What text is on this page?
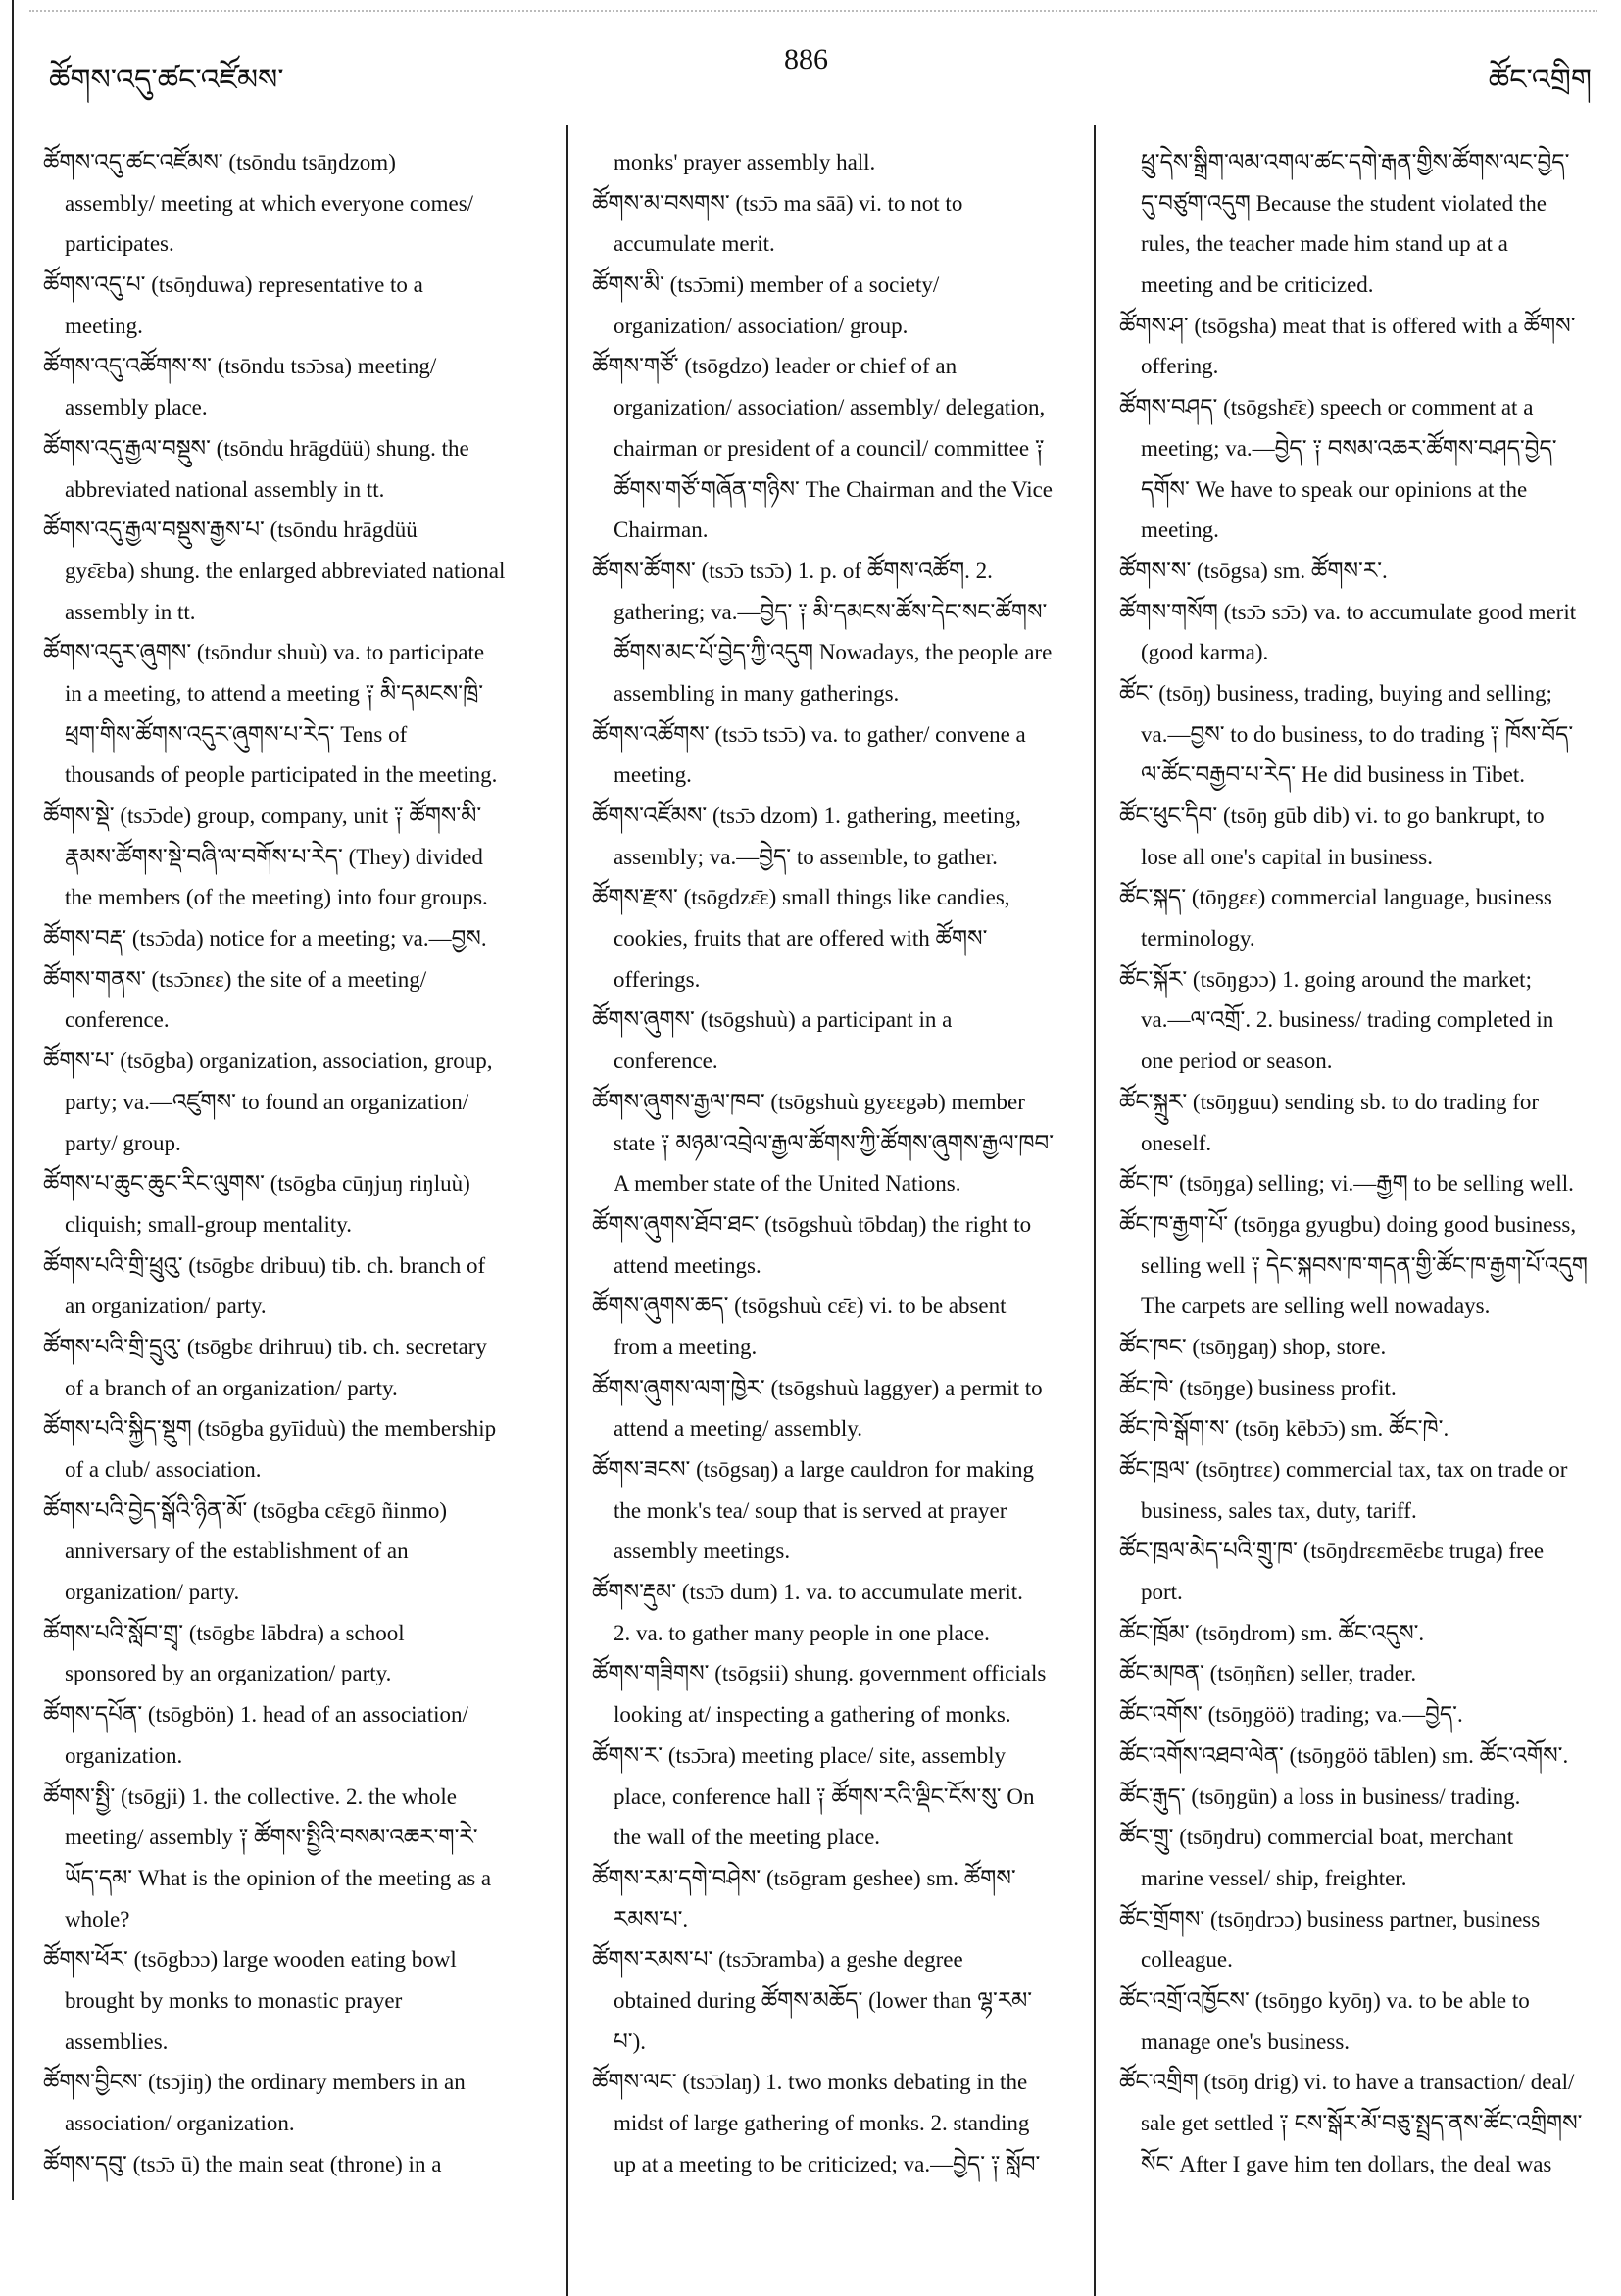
ཚོགས་འདུ་ཚང་འཛོམས་
886
ཚོང་འགྲིག
ཚོགས་འདུ་ཚང་འཛོམས་ (tsōndu tsāŋdzom)
assembly/ meeting at which everyone comes/
participates.
ཚོགས་འདུ་པ་ (tsōŋduwa) representative to a
meeting.
ཚོགས་འདུ་འཚོགས་ས་ (tsōndu tsɔ̄ɔsa) meeting/
assembly place.
ཚོགས་འདུ་རྒྱལ་བསྡུས་ (tsōndu hrāgdüü) shung. the
abbreviated national assembly in tt.
ཚོགས་འདུ་རྒྱལ་བསྡུས་རྒྱས་པ་ (tsōndu hrāgdüü
gyɛ̄ɛba) shung. the enlarged abbreviated national
assembly in tt.
ཚོགས་འདུར་ཞུགས་ (tsōndur shuù) va. to participate
in a meeting, to attend a meeting ༑ མི་དམངས་ཁྲི་
ཕྲག་གིས་ཚོགས་འདུར་ཞུགས་པ་རེད་ Tens of
thousands of people participated in the meeting.
ཚོགས་སྡེ་ (tsɔ̄ɔde) group, company, unit ༑ ཚོགས་མི་
རྣམས་ཚོགས་སྡེ་བཞི་ལ་བགོས་པ་རེད་ (They) divided
the members (of the meeting) into four groups.
ཚོགས་བརྡ་ (tsɔ̄ɔda) notice for a meeting; va.—བྱས.
ཚོགས་གནས་ (tsɔ̄ɔnɛɛ) the site of a meeting/
conference.
ཚོགས་པ་ (tsōgba) organization, association, group,
party; va.—འཛུགས་ to found an organization/
party/ group.
ཚོགས་པ་ཆུང་ཆུང་རིང་ལུགས་ (tsōgba cūŋjuŋ riŋluù)
cliquish; small-group mentality.
ཚོགས་པའི་གྲི་ཕྲུའུ་ (tsōgbɛ dribuu) tib. ch. branch of
an organization/ party.
ཚོགས་པའི་གྲི་དྲུའུ་ (tsōgbɛ drihruu) tib. ch. secretary
of a branch of an organization/ party.
ཚོགས་པའི་སྐྱིད་སྡུག (tsōgba gyīiduù) the membership
of a club/ association.
ཚོགས་པའི་བྱེད་སྒོའི་ཉིན་མོ་ (tsōgba cɛ̄ɛgō ñinmo)
anniversary of the establishment of an
organization/ party.
ཚོགས་པའི་སློབ་གྲྭ་ (tsōgbɛ lābdra) a school
sponsored by an organization/ party.
ཚོགས་དཔོན་ (tsōgbön) 1. head of an association/
organization.
ཚོགས་སྤྱི་ (tsōgji) 1. the collective. 2. the whole
meeting/ assembly ༑ ཚོགས་སྤྱིའི་བསམ་འཆར་ག་རེ་
ཡོད་དམ་ What is the opinion of the meeting as a
whole?
ཚོགས་ཕོར་ (tsōgbɔɔ) large wooden eating bowl
brought by monks to monastic prayer
assemblies.
ཚོགས་བྱིངས་ (tsɔ̄jiŋ) the ordinary members in an
association/ organization.
ཚོགས་དབུ་ (tsɔ̄ɔ ū) the main seat (throne) in a
monks' prayer assembly hall.
ཚོགས་མ་བསགས་ (tsɔ̄ɔ ma sāā) vi. to not to
accumulate merit.
ཚོགས་མི་ (tsɔ̄ɔmi) member of a society/
organization/ association/ group.
ཚོགས་གཙོ་ (tsōgdzo) leader or chief of an
organization/ association/ assembly/ delegation,
chairman or president of a council/ committee ༑
ཚོགས་གཙོ་གཞོན་གཉིས་ The Chairman and the Vice
Chairman.
ཚོགས་ཚོགས་ (tsɔ̄ɔ tsɔ̄ɔ) 1. p. of ཚོགས་འཚོག. 2.
gathering; va.—བྱེད་ ༑ མི་དམངས་ཚོས་དེང་སང་ཚོགས་
ཚོགས་མང་པོ་བྱེད་ཀྱི་འདུག Nowadays, the people are
assembling in many gatherings.
ཚོགས་འཚོགས་ (tsɔ̄ɔ tsɔ̄ɔ) va. to gather/ convene a
meeting.
ཚོགས་འཛོམས་ (tsɔ̄ɔ dzom) 1. gathering, meeting,
assembly; va.—བྱེད་ to assemble, to gather.
ཚོགས་རྫས་ (tsōgdzɛ̄ɛ) small things like candies,
cookies, fruits that are offered with ཚོགས་
offerings.
ཚོགས་ཞུགས་ (tsōgshuù) a participant in a
conference.
ཚོགས་ཞུགས་རྒྱལ་ཁབ་ (tsōgshuù gyɛɛgəb) member
state ༑ མཉམ་འབྲེལ་རྒྱལ་ཚོགས་ཀྱི་ཚོགས་ཞུགས་རྒྱལ་ཁབ་
A member state of the United Nations.
ཚོགས་ཞུགས་ཐོབ་ཐང་ (tsōgshuù tōbdaŋ) the right to
attend meetings.
ཚོགས་ཞུགས་ཆད་ (tsōgshuù cɛ̄ɛ) vi. to be absent
from a meeting.
ཚོགས་ཞུགས་ལག་ཁྱེར་ (tsōgshuù laggyer) a permit to
attend a meeting/ assembly.
ཚོགས་ཟངས་ (tsōgsaŋ) a large cauldron for making
the monk's tea/ soup that is served at prayer
assembly meetings.
ཚོགས་རྡུམ་ (tsɔ̄ɔ dum) 1. va. to accumulate merit.
2. va. to gather many people in one place.
ཚོགས་གཟིགས་ (tsōgsii) shung. government officials
looking at/ inspecting a gathering of monks.
ཚོགས་ར་ (tsɔ̄ɔra) meeting place/ site, assembly
place, conference hall ༑ ཚོགས་རའི་ལྡིང་ངོས་སུ་ On
the wall of the meeting place.
ཚོགས་རམ་དགེ་བཤེས་ (tsōgram geshee) sm. ཚོགས་
རམས་པ་.
ཚོགས་རམས་པ་ (tsɔ̄ɔramba) a geshe degree
obtained during ཚོགས་མཆོད་ (lower than ལྷ་རམ་
པ་).
ཚོགས་ལང་ (tsɔ̄ɔlaŋ) 1. two monks debating in the
midst of large gathering of monks. 2. standing
up at a meeting to be criticized; va.—བྱེད་ ༑ སློབ་
ཕྲུ་དེས་སྒྲིག་ལམ་འགལ་ཚང་དགེ་རྒན་གྱིས་ཚོགས་ལང་བྱེད་
དུ་བཙུག་འདུག Because the student violated the
rules, the teacher made him stand up at a
meeting and be criticized.
ཚོགས་ཤ་ (tsōgsha) meat that is offered with a ཚོགས་
offering.
ཚོགས་བཤད་ (tsōgshɛ̄ɛ) speech or comment at a
meeting; va.—བྱེད་ ༑ བསམ་འཆར་ཚོགས་བཤད་བྱེད་
དགོས་ We have to speak our opinions at the
meeting.
ཚོགས་ས་ (tsōgsa) sm. ཚོགས་ར་.
ཚོགས་གསོག (tsɔ̄ɔ sɔ̄ɔ) va. to accumulate good merit
(good karma).
ཚོང་ (tsōŋ) business, trading, buying and selling;
va.—བྱས་ to do business, to do trading ༑ ཁོས་བོད་
ལ་ཚོང་བརྒྱབ་པ་རེད་ He did business in Tibet.
ཚོང་ཕུང་དིབ་ (tsōŋ gūb dib) vi. to go bankrupt, to
lose all one's capital in business.
ཚོང་སྐད་ (tōŋgɛɛ) commercial language, business
terminology.
ཚོང་སྐོར་ (tsōŋgɔɔ) 1. going around the market;
va.—ལ་འགྲོ་. 2. business/ trading completed in
one period or season.
ཚོང་སྐྲུར་ (tsōŋguu) sending sb. to do trading for
oneself.
ཚོང་ཁ་ (tsōŋga) selling; vi.—རྒྱག to be selling well.
ཚོང་ཁ་རྒྱག་པོ་ (tsōŋga gyugbu) doing good business,
selling well ༑ དེང་སྐབས་ཁ་གདན་གྱི་ཚོང་ཁ་རྒྱག་པོ་འདུག
The carpets are selling well nowadays.
ཚོང་ཁང་ (tsōŋgaŋ) shop, store.
ཚོང་ཁེ་ (tsōŋge) business profit.
ཚོང་ཁེ་སྒོག་ས་ (tsōŋ kēbɔ̄ɔ) sm. ཚོང་ཁེ་.
ཚོང་ཁྲལ་ (tsōŋtrɛɛ) commercial tax, tax on trade or
business, sales tax, duty, tariff.
ཚོང་ཁྲལ་མེད་པའི་གྲུ་ཁ་ (tsōŋdrɛɛmēɛbɛ truga) free
port.
ཚོང་ཁྲོམ་ (tsōŋdrom) sm. ཚོང་འདུས་.
ཚོང་མཁན་ (tsōŋñɛn) seller, trader.
ཚོང་འགོས་ (tsōŋgöö) trading; va.—བྱེད་.
ཚོང་འགོས་འཐབ་ལེན་ (tsōŋgöö tāblen) sm. ཚོང་འགོས་.
ཚོང་རྒུད་ (tsōŋgün) a loss in business/ trading.
ཚོང་གྲུ་ (tsōŋdru) commercial boat, merchant
marine vessel/ ship, freighter.
ཚོང་གྲོགས་ (tsōŋdrɔɔ) business partner, business
colleague.
ཚོང་འགྲོ་འཁྱོངས་ (tsōŋgo kyōŋ) va. to be able to
manage one's business.
ཚོང་འགྲིག (tsōŋ drig) vi. to have a transaction/ deal/
sale get settled ༑ ངས་སྒོར་མོ་བཅུ་སྤྲད་ནས་ཚོང་འགྲིགས་
སོང་ After I gave him ten dollars, the deal was
